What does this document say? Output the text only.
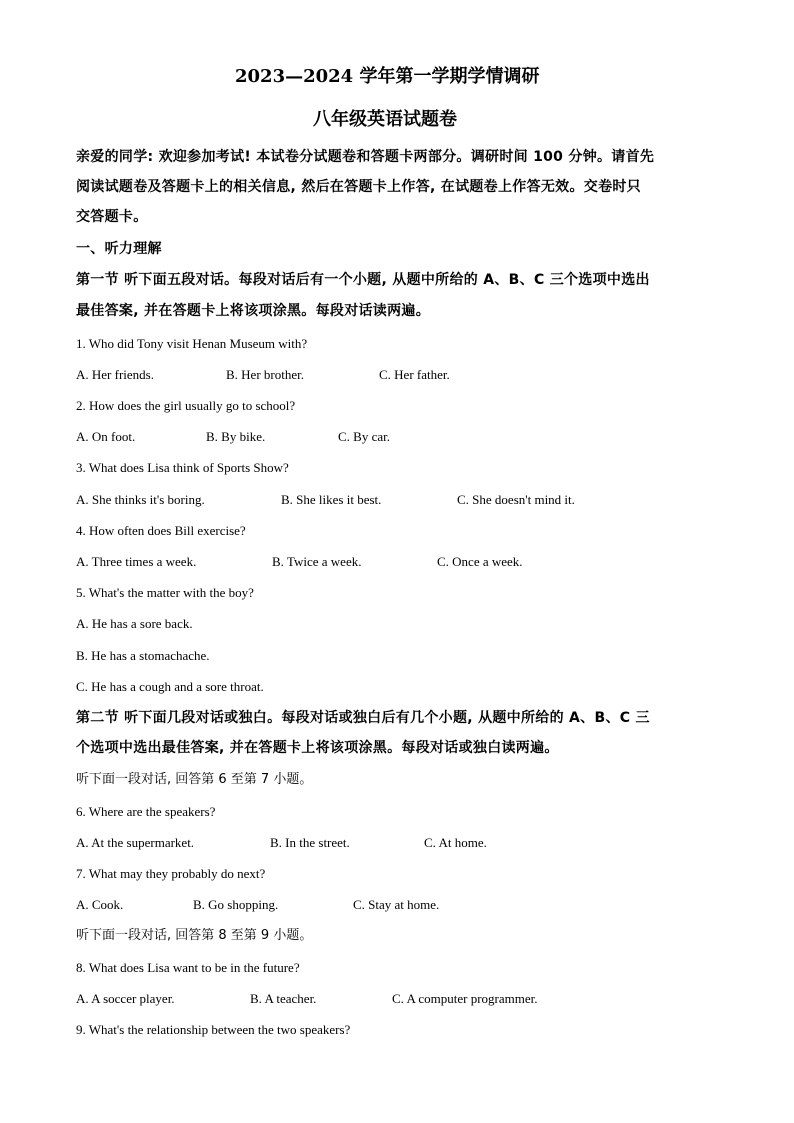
2023—2024 学年第一学期学情调研
八年级英语试题卷
亲爱的同学: 欢迎参加考试! 本试卷分试题卷和答题卡两部分。调研时间 100 分钟。请首先
阅读试题卷及答题卡上的相关信息, 然后在答题卡上作答, 在试题卷上作答无效。交卷时只
交答题卡。
一、听力理解
第一节 听下面五段对话。每段对话后有一个小题, 从题中所给的 A、B、C 三个选项中选出
最佳答案, 并在答题卡上将该项涂黑。每段对话读两遍。
1. Who did Tony visit Henan Museum with?
A. Her friends.	B. Her brother.	C. Her father.
2. How does the girl usually go to school?
A. On foot.	B. By bike.	C. By car.
3. What does Lisa think of Sports Show?
A. She thinks it's boring.	B. She likes it best.	C. She doesn't mind it.
4. How often does Bill exercise?
A. Three times a week.	B. Twice a week.	C. Once a week.
5. What's the matter with the boy?
A. He has a sore back.
B. He has a stomachache.
C. He has a cough and a sore throat.
第二节 听下面几段对话或独白。每段对话或独白后有几个小题, 从题中所给的 A、B、C 三
个选项中选出最佳答案, 并在答题卡上将该项涂黑。每段对话或独白读两遍。
听下面一段对话, 回答第 6 至第 7 小题。
6. Where are the speakers?
A. At the supermarket.	B. In the street.	C. At home.
7. What may they probably do next?
A. Cook.	B. Go shopping.	C. Stay at home.
听下面一段对话, 回答第 8 至第 9 小题。
8. What does Lisa want to be in the future?
A. A soccer player.	B. A teacher.	C. A computer programmer.
9. What's the relationship between the two speakers?
